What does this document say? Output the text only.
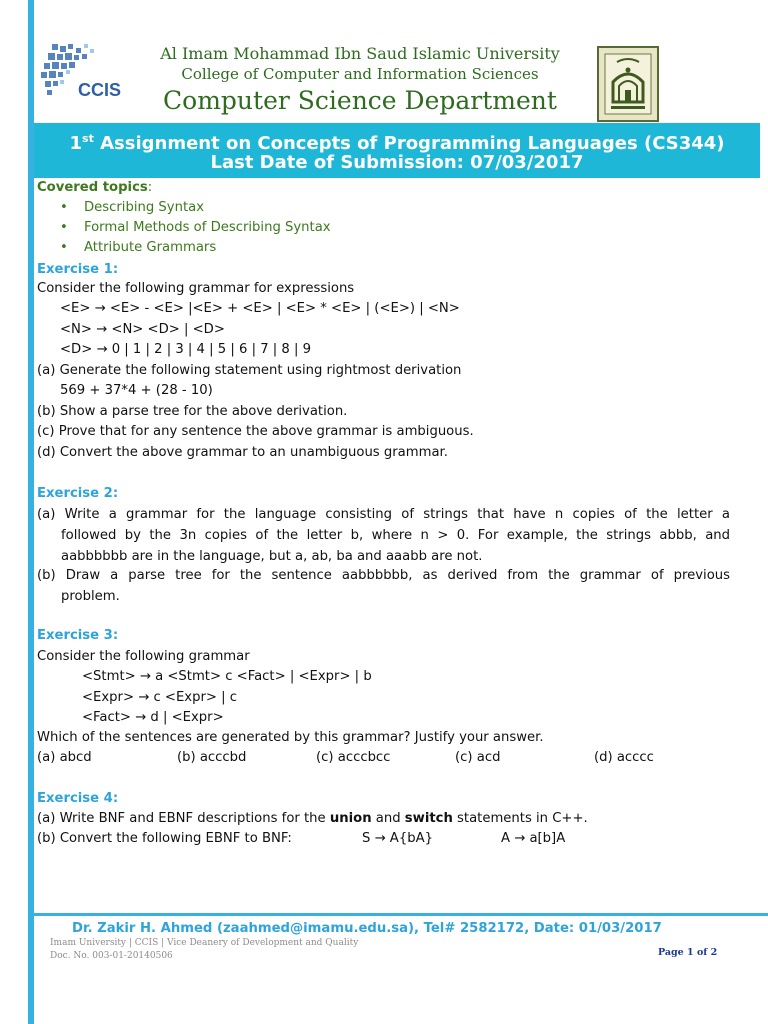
CCIS
Al Imam Mohammad Ibn Saud Islamic University
College of Computer and Information Sciences
Computer Science Department
1st Assignment on Concepts of Programming Languages (CS344)
Last Date of Submission: 07/03/2017
Covered topics:
• Describing Syntax
• Formal Methods of Describing Syntax
• Attribute Grammars
Exercise 1:
Consider the following grammar for expressions
<E> → <E> - <E> |<E> + <E> | <E> * <E> | (<E>) | <N>
<N> → <N> <D> | <D>
<D> → 0 | 1 | 2 | 3 | 4 | 5 | 6 | 7 | 8 | 9
(a) Generate the following statement using rightmost derivation
569 + 37*4 + (28 - 10)
(b) Show a parse tree for the above derivation.
(c) Prove that for any sentence the above grammar is ambiguous.
(d) Convert the above grammar to an unambiguous grammar.
Exercise 2:
(a) Write a grammar for the language consisting of strings that have n copies of the letter a
followed by the 3n copies of the letter b, where n > 0. For example, the strings abbb, and
aabbbbbb are in the language, but a, ab, ba and aaabb are not.
(b) Draw a parse tree for the sentence aabbbbbb, as derived from the grammar of previous
problem.
Exercise 3:
Consider the following grammar
<Stmt> → a <Stmt> c <Fact> | <Expr> | b
<Expr> → c <Expr> | c
<Fact> → d | <Expr>
Which of the sentences are generated by this grammar? Justify your answer.
(a) abcd	(b) acccbd	(c) acccbcc	(c) acd	(d) acccc
Exercise 4:
(a) Write BNF and EBNF descriptions for the union and switch statements in C++.
(b) Convert the following EBNF to BNF:	S → A{bA}	A → a[b]A
Dr. Zakir H. Ahmed (zaahmed@imamu.edu.sa), Tel# 2582172, Date: 01/03/2017
Imam University | CCIS | Vice Deanery of Development and Quality
Doc. No. 003-01-20140506	Page 1 of 2
